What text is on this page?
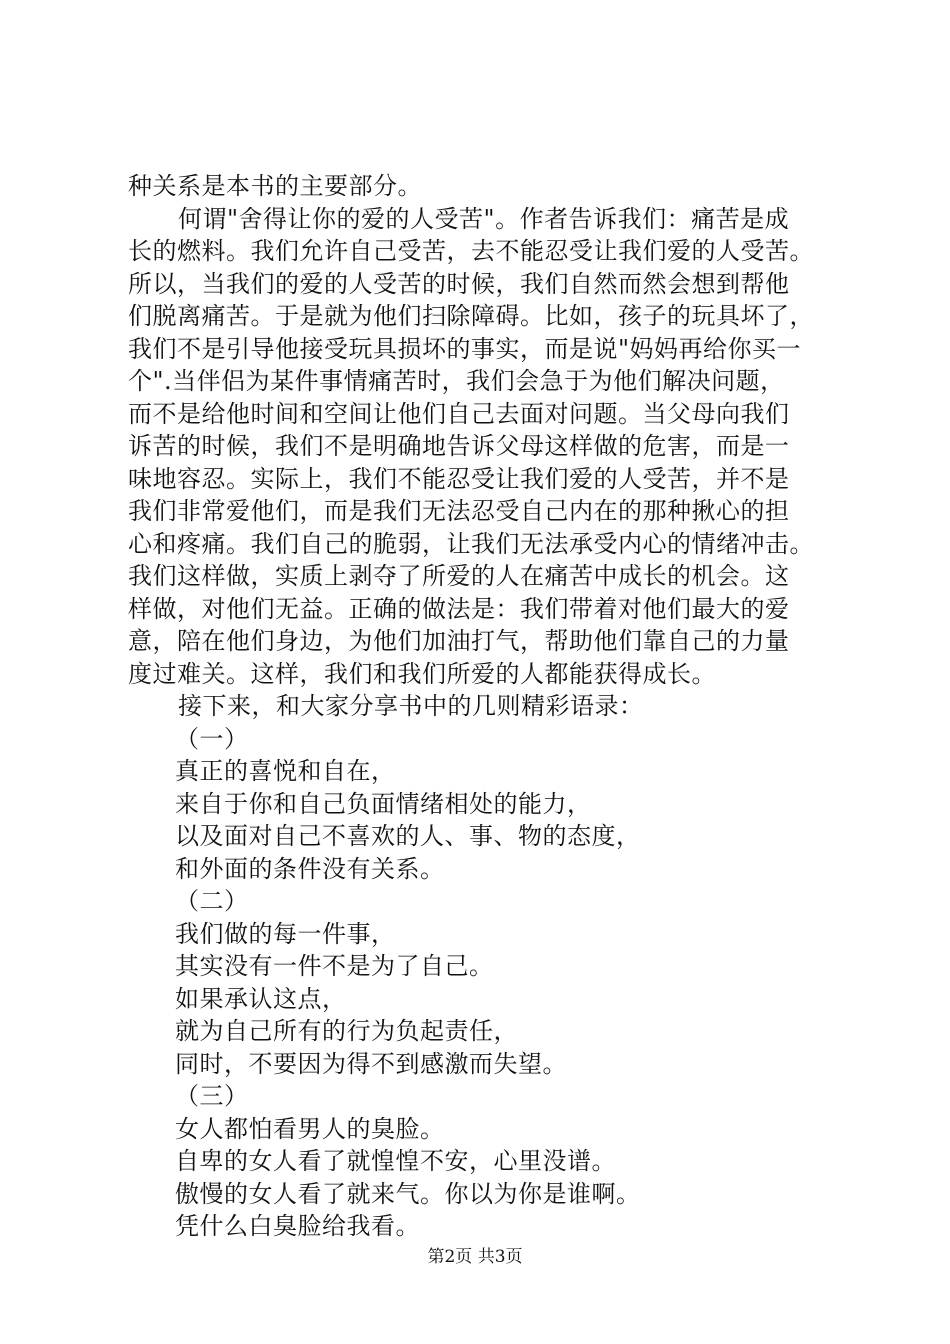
种关系是本书的主要部分。
何谓"舍得让你的爱的人受苦"。作者告诉我们：痛苦是成
长的燃料。我们允许自己受苦，去不能忍受让我们爱的人受苦。
所以，当我们的爱的人受苦的时候，我们自然而然会想到帮他
们脱离痛苦。于是就为他们扫除障碍。比如，孩子的玩具坏了，
我们不是引导他接受玩具损坏的事实，而是说"妈妈再给你买一
个".当伴侣为某件事情痛苦时，我们会急于为他们解决问题，
而不是给他时间和空间让他们自己去面对问题。当父母向我们
诉苦的时候，我们不是明确地告诉父母这样做的危害，而是一
味地容忍。实际上，我们不能忍受让我们爱的人受苦，并不是
我们非常爱他们，而是我们无法忍受自己内在的那种揪心的担
心和疼痛。我们自己的脆弱，让我们无法承受内心的情绪冲击。
我们这样做，实质上剥夺了所爱的人在痛苦中成长的机会。这
样做，对他们无益。正确的做法是：我们带着对他们最大的爱
意，陪在他们身边，为他们加油打气，帮助他们靠自己的力量
度过难关。这样，我们和我们所爱的人都能获得成长。
接下来，和大家分享书中的几则精彩语录：
（一）
真正的喜悦和自在，
来自于你和自己负面情绪相处的能力，
以及面对自己不喜欢的人、事、物的态度，
和外面的条件没有关系。
（二）
我们做的每一件事，
其实没有一件不是为了自己。
如果承认这点，
就为自己所有的行为负起责任，
同时，不要因为得不到感激而失望。
（三）
女人都怕看男人的臭脸。
自卑的女人看了就惶惶不安，心里没谱。
傲慢的女人看了就来气。你以为你是谁啊。
凭什么白臭脸给我看。
第2页 共3页
